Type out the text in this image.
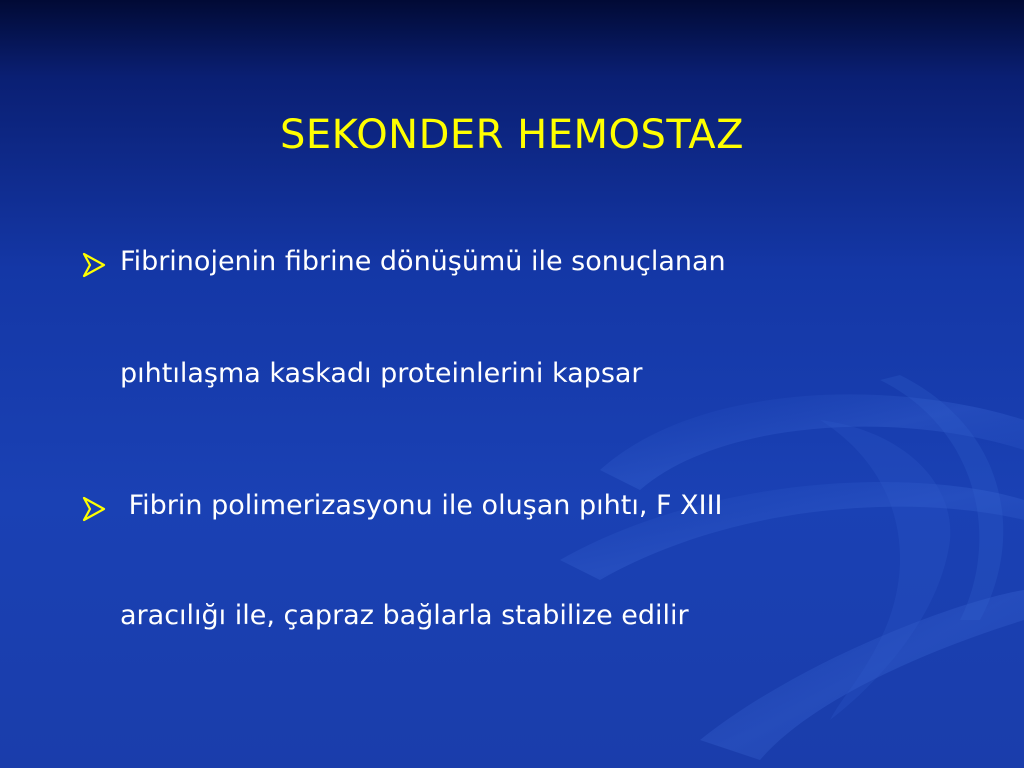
SEKONDER HEMOSTAZ
Fibrinojenin fibrine dönüşümü ile sonuçlanan
pıhtılaşma kaskadı proteinlerini kapsar
Fibrin polimerizasyonu ile oluşan pıhtı, F XIII
aracılığı ile, çapraz bağlarla stabilize edilir
